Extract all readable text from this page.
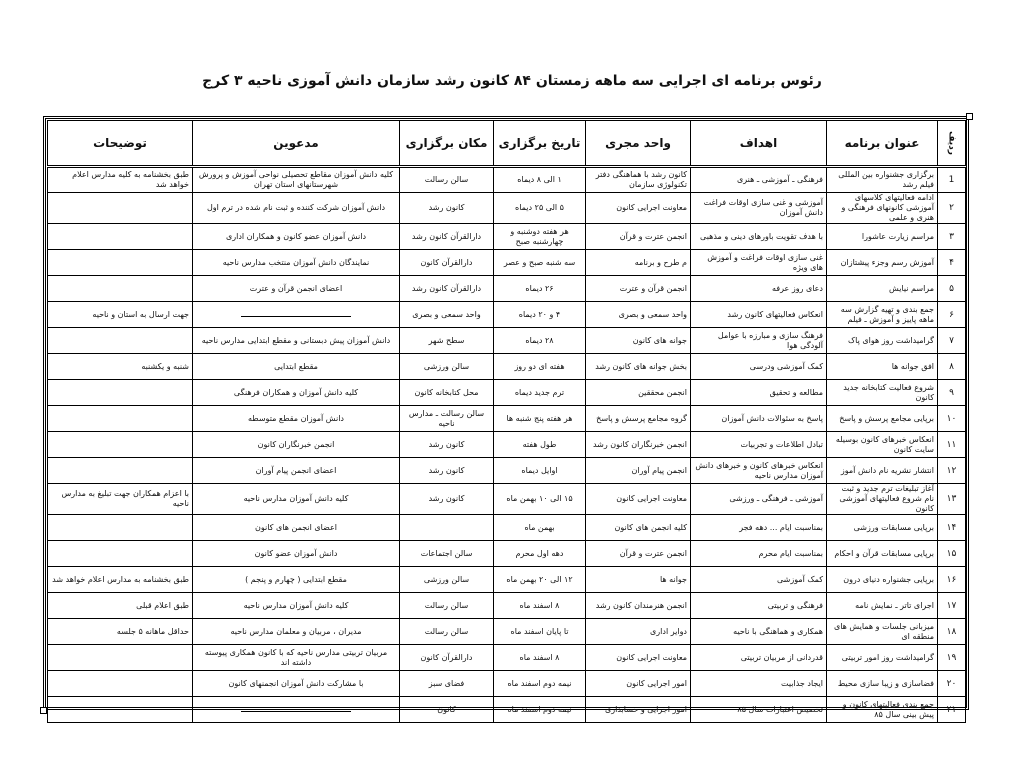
رئوس برنامه ای اجرایی سه ماهه زمستان ۸۴ کانون رشد سازمان دانش آموزی ناحیه ۳ کرج
ردیف	عنوان برنامه	اهداف	واحد مجری	تاریخ برگزاری	مکان برگزاری	مدعوین	توضیحات
1	برگزاری جشنواره بین المللی فیلم رشد	فرهنگی ـ آموزشی ـ هنری	کانون رشد با هماهنگی دفتر تکنولوژی سازمان	۱ الی ۸ دیماه	سالن رسالت	کلیه دانش آموزان مقاطع تحصیلی نواحی آموزش و پرورش شهرستانهای استان تهران	طبق بخشنامه به کلیه مدارس اعلام خواهد شد
۲	ادامه فعالیتهای کلاسهای آموزشی کانونهای فرهنگی و هنری و علمی	آموزشی و غنی سازی اوقات فراغت دانش آموزان	معاونت اجرایی کانون	۵ الی ۲۵ دیماه	کانون رشد	دانش آموزان شرکت کننده و ثبت نام شده در ترم اول	
۳	مراسم زیارت عاشورا	با هدف تقویت باورهای دینی و مذهبی	انجمن عترت و قرآن	هر هفته دوشنبه و چهارشنبه صبح	دارالقرآن کانون رشد	دانش آموزان عضو کانون و همکاران اداری	
۴	آموزش رسم وجزء پیشتازان	غنی سازی اوقات فراغت و آموزش های ویژه	م طرح و برنامه	سه شنبه صبح و عصر	دارالقرآن کانون	نمایندگان دانش آموزان منتخب مدارس ناحیه	
۵	مراسم نیایش	دعای روز عرفه	انجمن قرآن و عترت	۲۶ دیماه	دارالقرآن کانون رشد	اعضای انجمن قرآن و عترت	
۶	جمع بندی و تهیه گزارش سه ماهه پاییز و آموزش ـ فیلم	انعکاس فعالیتهای کانون رشد	واحد سمعی و بصری	۴ و ۲۰ دیماه	واحد سمعی و بصری		جهت ارسال به استان و ناحیه
۷	گرامیداشت روز هوای پاک	فرهنگ سازی و مبارزه با عوامل آلودگی هوا	جوانه های کانون	۲۸ دیماه	سطح شهر	دانش آموزان پیش دبستانی و مقطع ابتدایی مدارس ناحیه	
۸	افق جوانه ها	کمک آموزشی ودرسی	بخش جوانه های کانون رشد	هفته ای دو روز	سالن ورزشی	مقطع ابتدایی	شنبه و یکشنبه
۹	شروع فعالیت کتابخانه جدید کانون	مطالعه و تحقیق	انجمن محققین	ترم جدید دیماه	محل کتابخانه کانون	کلیه دانش آموزان و همکاران فرهنگی	
۱۰	برپایی مجامع پرسش و پاسخ	پاسخ به سئوالات دانش آموزان	گروه مجامع پرسش و پاسخ	هر هفته پنج شنبه ها	سالن رسالت ـ مدارس ناحیه	دانش آموزان مقطع متوسطه	
۱۱	انعکاس خبرهای کانون بوسیله سایت کانون	تبادل اطلاعات و تجربیات	انجمن خبرنگاران کانون رشد	طول هفته	کانون رشد	انجمن خبرنگاران کانون	
۱۲	انتشار نشریه نام دانش آموز	انعکاس خبرهای کانون و خبرهای دانش آموزان مدارس ناحیه	انجمن پیام آوران	اوایل دیماه	کانون رشد	اعضای انجمن پیام آوران	
۱۳	آغاز تبلیغات ترم جدید و ثبت نام شروع فعالیتهای آموزشی کانون	آموزشی ـ فرهنگی ـ ورزشی	معاونت اجرایی کانون	۱۵ الی ۱۰ بهمن ماه	کانون رشد	کلیه دانش آموزان مدارس ناحیه	با اعزام همکاران جهت تبلیغ به مدارس ناحیه
۱۴	برپایی مسابقات ورزشی	بمناسبت ایام ... دهه فجر	کلیه انجمن های کانون	بهمن ماه		اعضای انجمن های کانون	
۱۵	برپایی مسابقات قرآن و احکام	بمناسبت ایام محرم	انجمن عترت و قرآن	دهه اول محرم	سالن اجتماعات	دانش آموزان عضو کانون	
۱۶	برپایی جشنواره دنیای درون	کمک آموزشی	جوانه ها	۱۲ الی ۲۰ بهمن ماه	سالن ورزشی	مقطع ابتدایی ( چهارم و پنجم )	طبق بخشنامه به مدارس اعلام خواهد شد
۱۷	اجرای تاتر ـ نمایش نامه	فرهنگی و تربیتی	انجمن هنرمندان کانون رشد	۸ اسفند ماه	سالن رسالت	کلیه دانش آموزان مدارس ناحیه	طبق اعلام قبلی
۱۸	میزبانی جلسات و همایش های منطقه ای	همکاری و هماهنگی با ناحیه	دوایر اداری	تا پایان اسفند ماه	سالن رسالت	مدیران ، مربیان و معلمان مدارس ناحیه	حداقل ماهانه ۵ جلسه
۱۹	گرامیداشت روز امور تربیتی	قدردانی از مربیان تربیتی	معاونت اجرایی کانون	۸ اسفند ماه	دارالقرآن کانون	مربیان تربیتی مدارس ناحیه که با کانون همکاری پیوسته داشته اند	
۲۰	فضاسازی و زیبا سازی محیط	ایجاد جذابیت	امور اجرایی کانون	نیمه دوم اسفند ماه	فضای سبز	با مشارکت دانش آموزان انجمنهای کانون	
۲۱	جمع بندی فعالیتهای کانون و پیش بینی سال ۸۵	تخصیص اعتبارات سال ۸۵	امور اجرایی و حسابداری	نیمه دوم اسفند ماه	کانون		
